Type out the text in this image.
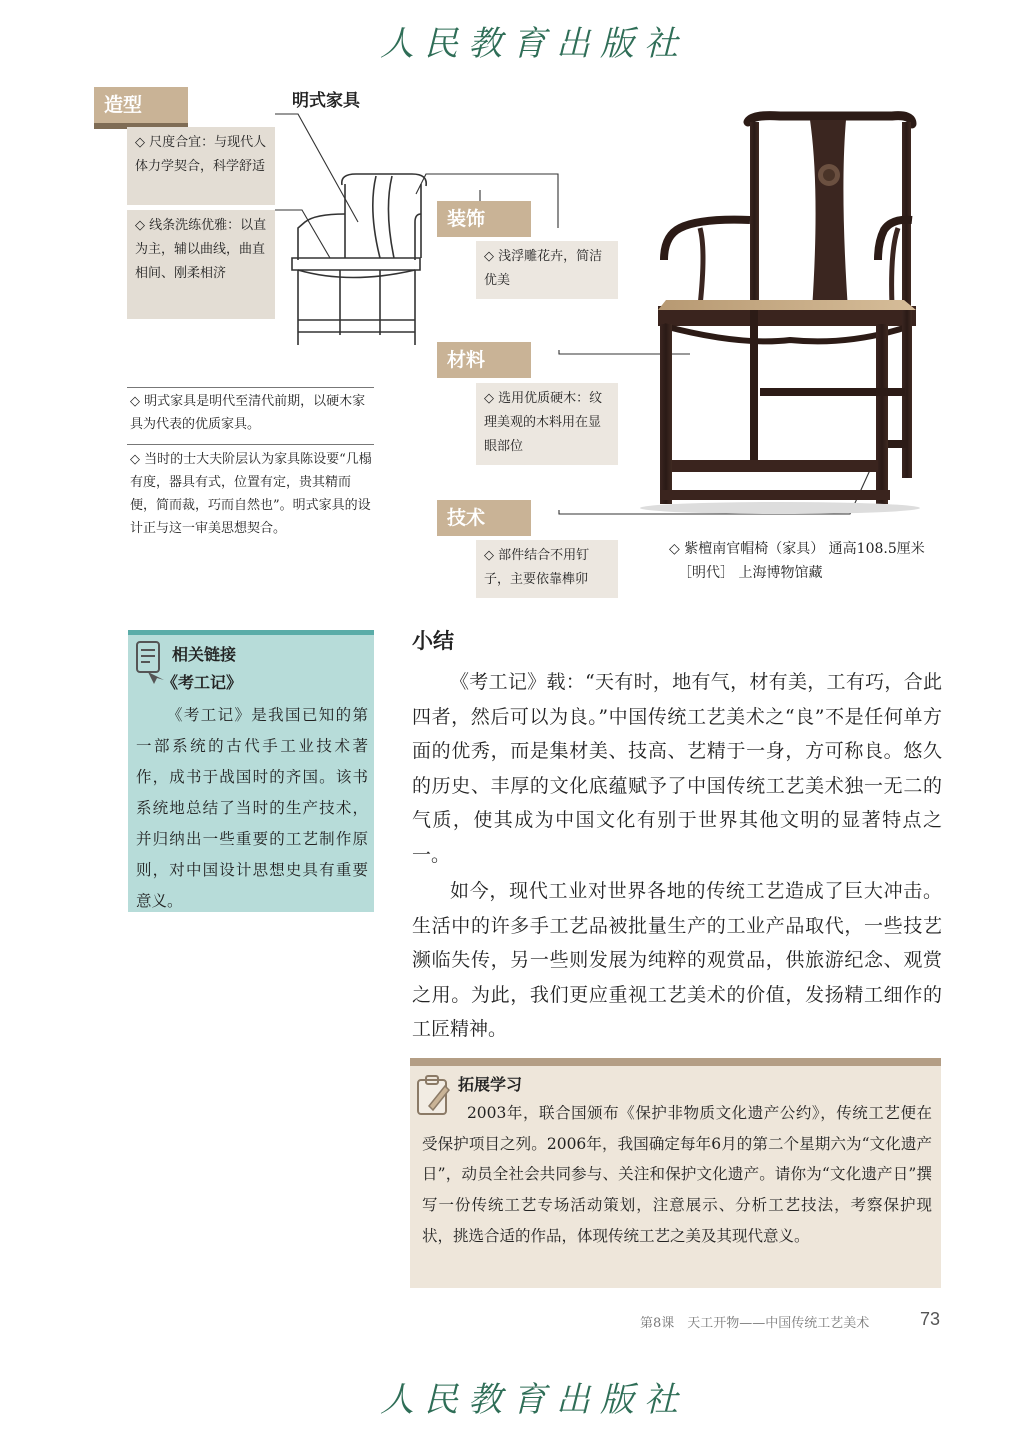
人民教育出版社
明式家具
造型
◇ 尺度合宜：与现代人体力学契合，科学舒适
◇ 线条洗练优雅：以直为主，辅以曲线，曲直相间、刚柔相济
◇ 明式家具是明代至清代前期，以硬木家具为代表的优质家具。
◇ 当时的士大夫阶层认为家具陈设要“几榻有度，器具有式，位置有定，贵其精而便，简而裁，巧而自然也”。明式家具的设计正与这一审美思想契合。
装饰
◇ 浅浮雕花卉，简洁优美
材料
◇ 选用优质硬木：纹理美观的木料用在显眼部位
技术
◇ 部件结合不用钉子，主要依靠榫卯
◇ 紫檀南官帽椅（家具） 通高108.5厘米
［明代］ 上海博物馆藏
相关链接
《考工记》
《考工记》是我国已知的第一部系统的古代手工业技术著作，成书于战国时的齐国。该书系统地总结了当时的生产技术，并归纳出一些重要的工艺制作原则，对中国设计思想史具有重要意义。
小结
《考工记》载：“天有时，地有气，材有美，工有巧，合此四者，然后可以为良。”中国传统工艺美术之“良”不是任何单方面的优秀，而是集材美、技高、艺精于一身，方可称良。悠久的历史、丰厚的文化底蕴赋予了中国传统工艺美术独一无二的气质，使其成为中国文化有别于世界其他文明的显著特点之一。
如今，现代工业对世界各地的传统工艺造成了巨大冲击。生活中的许多手工艺品被批量生产的工业产品取代，一些技艺濒临失传，另一些则发展为纯粹的观赏品，供旅游纪念、观赏之用。为此，我们更应重视工艺美术的价值，发扬精工细作的工匠精神。
拓展学习
2003年，联合国颁布《保护非物质文化遗产公约》，传统工艺便在受保护项目之列。2006年，我国确定每年6月的第二个星期六为“文化遗产日”，动员全社会共同参与、关注和保护文化遗产。请你为“文化遗产日”撰写一份传统工艺专场活动策划，注意展示、分析工艺技法，考察保护现状，挑选合适的作品，体现传统工艺之美及其现代意义。
第8课　天工开物——中国传统工艺美术	73
人民教育出版社
